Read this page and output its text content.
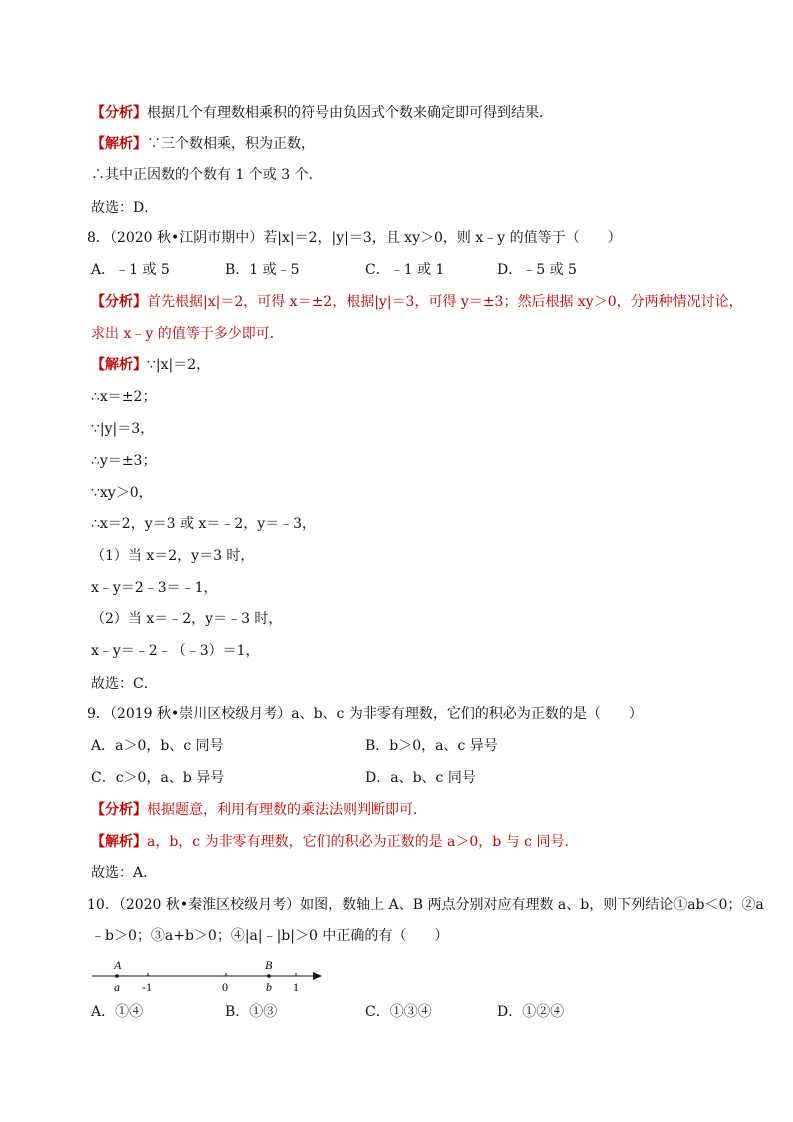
【分析】根据几个有理数相乘积的符号由负因式个数来确定即可得到结果．
【解析】∵三个数相乘，积为正数，
∴其中正因数的个数有 1 个或 3 个．
故选：D．
8．（2020 秋•江阴市期中）若|x|＝2，|y|＝3，且 xy＞0，则 x﹣y 的值等于（　　）
A．﹣1 或 5	B．1 或﹣5	C．﹣1 或 1	D．﹣5 或 5
【分析】首先根据|x|＝2，可得 x＝±2，根据|y|＝3，可得 y＝±3；然后根据 xy＞0，分两种情况讨论，
求出 x﹣y 的值等于多少即可．
【解析】∵|x|＝2，
∴x＝±2；
∵|y|＝3，
∴y＝±3；
∵xy＞0，
∴x＝2，y＝3 或 x＝﹣2，y＝﹣3，
（1）当 x＝2，y＝3 时，
x﹣y＝2﹣3＝﹣1，
（2）当 x＝﹣2，y＝﹣3 时，
x﹣y＝﹣2﹣（﹣3）＝1，
故选：C．
9．（2019 秋•崇川区校级月考）a、b、c 为非零有理数，它们的积必为正数的是（　　）
A．a＞0，b、c 同号	B．b＞0，a、c 异号
C．c＞0，a、b 异号	D．a、b、c 同号
【分析】根据题意，利用有理数的乘法法则判断即可．
【解析】a，b，c 为非零有理数，它们的积必为正数的是 a＞0，b 与 c 同号．
故选：A．
10．（2020 秋•秦淮区校级月考）如图，数轴上 A、B 两点分别对应有理数 a、b，则下列结论①ab＜0；②a
﹣b＞0；③a+b＞0；④|a|﹣|b|＞0 中正确的有（　　）
A	B
a -1	0	b 1
A．①④	B．①③	C．①③④	D．①②④
